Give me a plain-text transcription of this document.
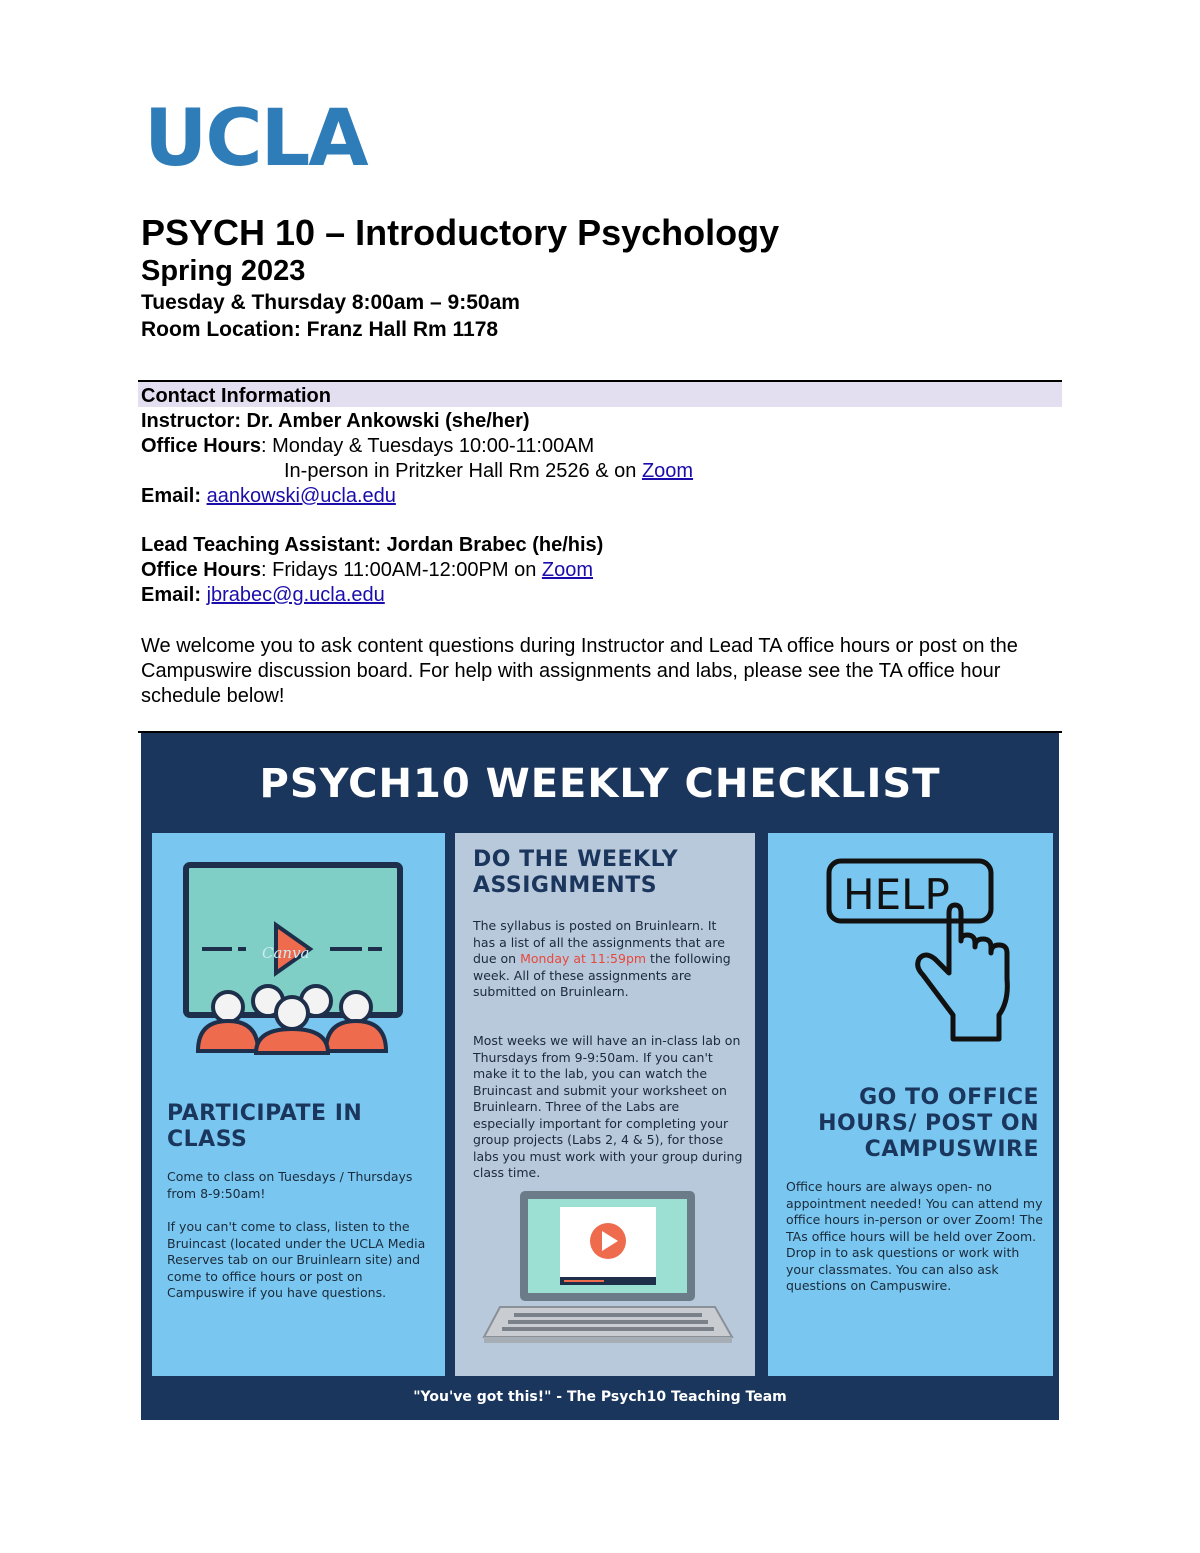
UCLA
PSYCH 10 – Introductory Psychology
Spring 2023
Tuesday & Thursday 8:00am – 9:50am
Room Location: Franz Hall Rm 1178
Contact Information
Instructor: Dr. Amber Ankowski (she/her)
Office Hours: Monday & Tuesdays 10:00-11:00AM
In-person in Pritzker Hall Rm 2526 & on Zoom
Email: aankowski@ucla.edu
Lead Teaching Assistant: Jordan Brabec (he/his)
Office Hours: Fridays 11:00AM-12:00PM on Zoom
Email: jbrabec@g.ucla.edu
We welcome you to ask content questions during Instructor and Lead TA office hours or post on the Campuswire discussion board. For help with assignments and labs, please see the TA office hour schedule below!
PSYCH10 WEEKLY CHECKLIST
Canva
PARTICIPATE IN
CLASS
Come to class on Tuesdays / Thursdays from 8-9:50am!
If you can't come to class, listen to the Bruincast (located under the UCLA Media Reserves tab on our Bruinlearn site) and come to office hours or post on Campuswire if you have questions.
DO THE WEEKLY
ASSIGNMENTS
The syllabus is posted on Bruinlearn. It has a list of all the assignments that are due on Monday at 11:59pm the following week. All of these assignments are submitted on Bruinlearn.
Most weeks we will have an in-class lab on Thursdays from 9-9:50am. If you can't make it to the lab, you can watch the Bruincast and submit your worksheet on Bruinlearn. Three of the Labs are especially important for completing your group projects (Labs 2, 4 & 5), for those labs you must work with your group during class time.
HELP
GO TO OFFICE
HOURS/ POST ON
CAMPUSWIRE
Office hours are always open- no appointment needed! You can attend my office hours in-person or over Zoom! The TAs office hours will be held over Zoom. Drop in to ask questions or work with your classmates. You can also ask questions on Campuswire.
"You've got this!" - The Psych10 Teaching Team
